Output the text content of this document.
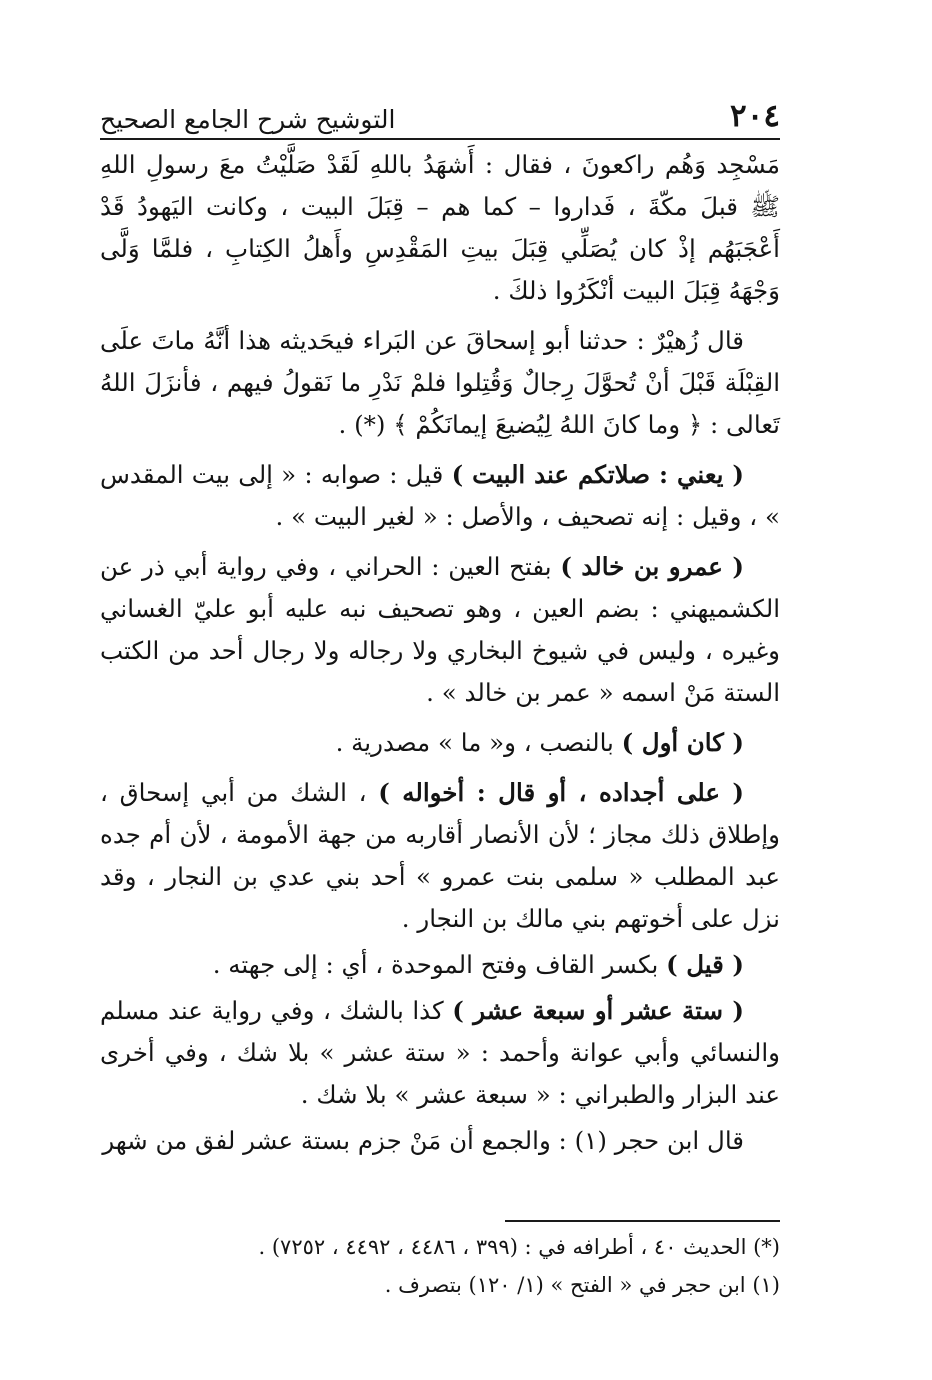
٢٠٤
التوشيح شرح الجامع الصحيح

مَسْجِد وَهُم راكعونَ ، فقال : أَشهَدُ باللهِ لَقَدْ صَلَّيْتُ معَ رسولِ اللهِ ﷺ قبلَ مكّةَ ، فَداروا – كما هم – قِبَلَ البيت ، وكانت اليَهودُ قَدْ أَعْجَبَهُم إذْ كان يُصَلِّي قِبَلَ بيتِ المَقْدِسِ وأَهلُ الكِتابِ ، فلمَّا وَلَّى وَجْهَهُ قِبَلَ البيت أنْكَرُوا ذلكَ .

قال زُهيْرٌ : حدثنا أبو إسحاقَ عن البَراء فيحَديثه هذا أنَّهُ ماتَ علَى القِبْلَة قَبْلَ أنْ تُحوَّلَ رِجالٌ وَقُتِلوا فلمْ نَدْرِ ما نَقولُ فيهم ، فأنزَلَ اللهُ تَعالى : ﴿ وما كانَ اللهُ لِيُضيعَ إيمانَكُمْ ﴾ (*) .

( يعني : صلاتكم عند البيت ) قيل : صوابه : « إلى بيت المقدس » ، وقيل : إنه تصحيف ، والأصل : « لغير البيت » .

( عمرو بن خالد ) بفتح العين : الحراني ، وفي رواية أبي ذر عن الكشميهني : بضم العين ، وهو تصحيف نبه عليه أبو عليّ الغساني وغيره ، وليس في شيوخ البخاري ولا رجاله ولا رجال أحد من الكتب الستة مَنْ اسمه « عمر بن خالد » .

( كان أول ) بالنصب ، و« ما » مصدرية .

( على أجداده ، أو قال : أخواله ) ، الشك من أبي إسحاق ، وإطلاق ذلك مجاز ؛ لأن الأنصار أقاربه من جهة الأمومة ، لأن أم جده عبد المطلب « سلمى بنت عمرو » أحد بني عدي بن النجار ، وقد نزل على أخوتهم بني مالك بن النجار .

( قيل ) بكسر القاف وفتح الموحدة ، أي : إلى جهته .

( ستة عشر أو سبعة عشر ) كذا بالشك ، وفي رواية عند مسلم والنسائي وأبي عوانة وأحمد : « ستة عشر » بلا شك ، وفي أخرى عند البزار والطبراني : « سبعة عشر » بلا شك .

قال ابن حجر (١) : والجمع أن مَنْ جزم بستة عشر لفق من شهر

(*) الحديث ٤٠ ، أطرافه في : (٣٩٩ ، ٤٤٨٦ ، ٤٤٩٢ ، ٧٢٥٢) .

(١) ابن حجر في « الفتح » (١/ ١٢٠) بتصرف .
